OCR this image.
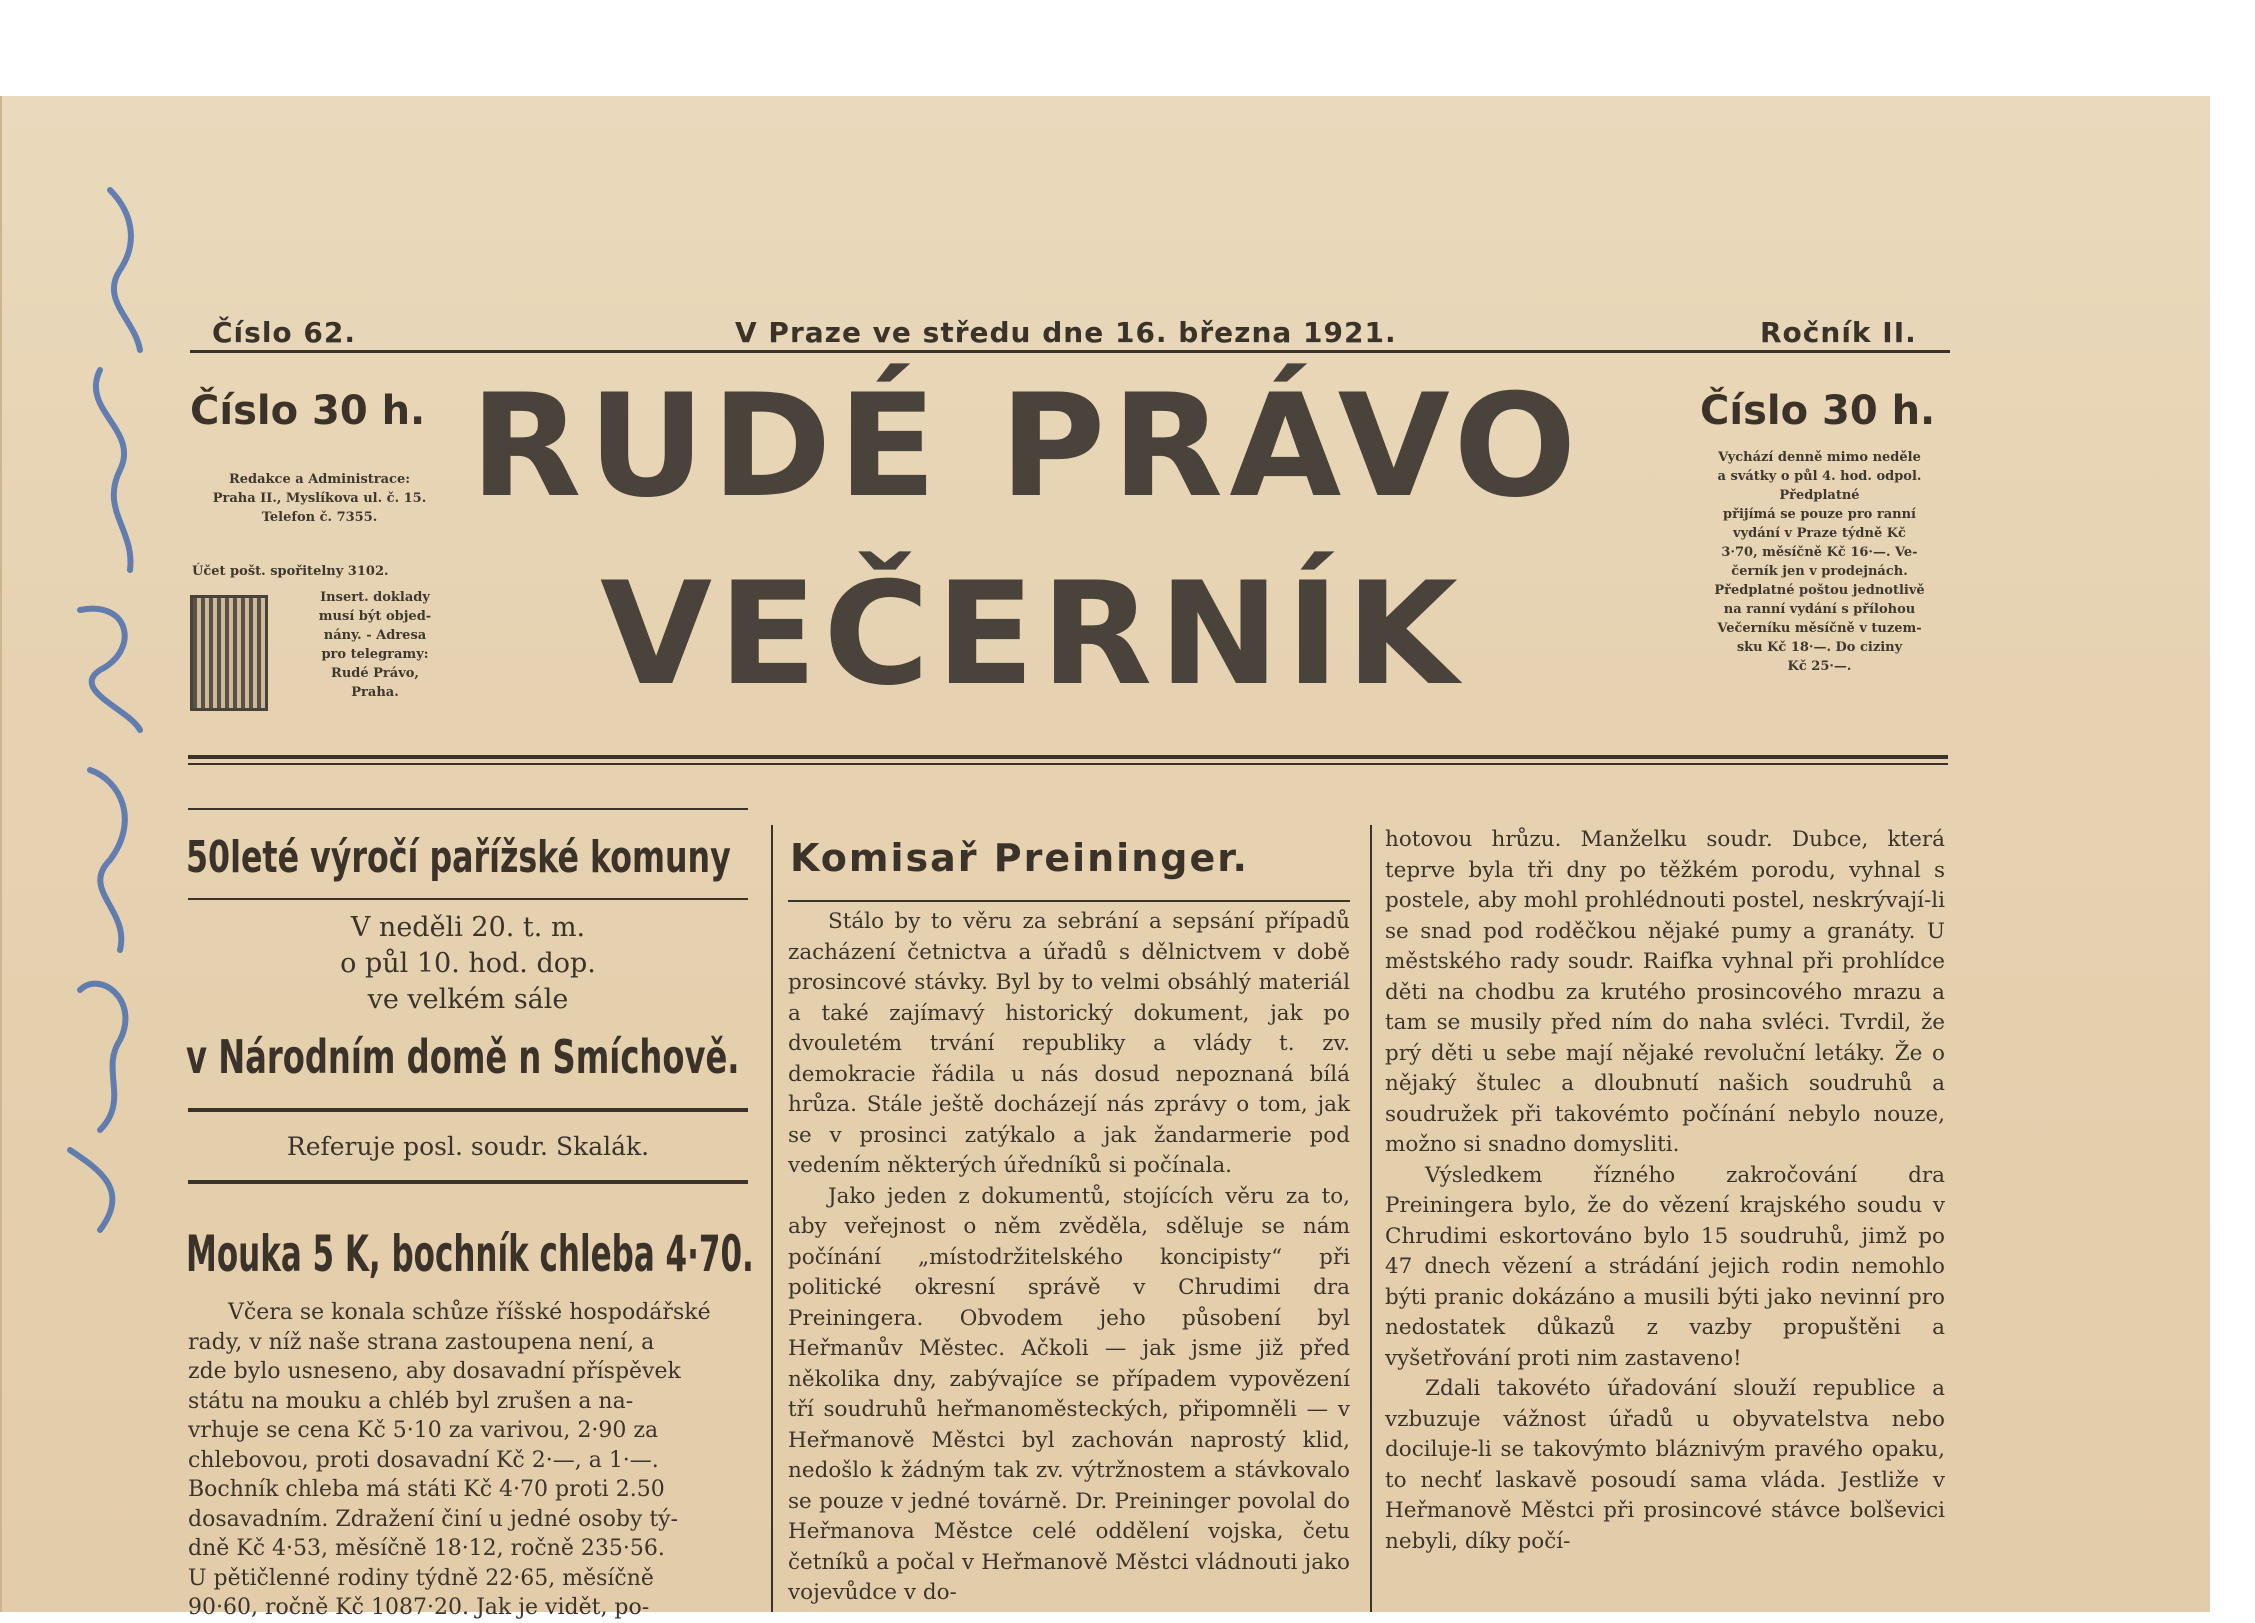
Číslo 62.	V Praze ve středu dne 16. března 1921.	Ročník II.
RUDÉ PRÁVO
VEČERNÍK
Číslo 30 h.
Redakce a Administrace:
Praha II., Myslíkova ul. č. 15.
Telefon č. 7355.
Účet pošt. spořitelny 3102.
Insert. doklady
musí být objed-
nány. - Adresa
pro telegramy:
Rudé Právo,
Praha.
Číslo 30 h.
Vychází denně mimo neděle
a svátky o půl 4. hod. odpol.
Předplatné
přijímá se pouze pro ranní
vydání v Praze týdně Kč
3·70, měsíčně Kč 16·—. Ve-
černík jen v prodejnách.
Předplatné poštou jednotlivě
na ranní vydání s přílohou
Večerníku měsíčně v tuzem-
sku Kč 18·—. Do ciziny
Kč 25·—.
50leté výročí pařížské komuny
V neděli 20. t. m.
o půl 10. hod. dop.
ve velkém sále
v Národním domě n Smíchově.
Referuje posl. soudr. Skalák.
Mouka 5 K, bochník chleba 4·70.
Včera se konala schůze říšské hospodářské
rady, v níž naše strana zastoupena není, a
zde bylo usneseno, aby dosavadní příspěvek
státu na mouku a chléb byl zrušen a na-
vrhuje se cena Kč 5·10 za varivou, 2·90 za
chlebovou, proti dosavadní Kč 2·—, a 1·—.
Bochník chleba má státi Kč 4·70 proti 2.50
dosavadním. Zdražení činí u jedné osoby tý-
dně Kč 4·53, měsíčně 18·12, ročně 235·56.
U pětičlenné rodiny týdně 22·65, měsíčně
90·60, ročně Kč 1087·20. Jak je vidět, po-
Komisař Preininger.

Stálo by to věru za sebrání a sepsání případů zacházení četnictva a úřadů s dělnictvem v době prosincové stávky. Byl by to velmi obsáhlý materiál a také zajímavý historický dokument, jak po dvouletém trvání republiky a vlády t. zv. demokracie řádila u nás dosud nepoznaná bílá hrůza. Stále ještě docházejí nás zprávy o tom, jak se v prosinci zatýkalo a jak žandarmerie pod vedením některých úředníků si počínala.

Jako jeden z dokumentů, stojících věru za to, aby veřejnost o něm zvěděla, sděluje se nám počínání „místodržitelského koncipisty“ při politické okresní správě v Chrudimi dra Preiningera. Obvodem jeho působení byl Heřmanův Městec. Ačkoli — jak jsme již před několika dny, zabývajíce se případem vypovězení tří soudruhů heřmanoměsteckých, připomněli — v Heřmanově Městci byl zachován naprostý klid, nedošlo k žádným tak zv. výtržnostem a stávkovalo se pouze v jedné továrně. Dr. Preininger povolal do Heřmanova Městce celé oddělení vojska, četu četníků a počal v Heřmanově Městci vládnouti jako vojevůdce v do-

hotovou hrůzu. Manželku soudr. Dubce, která teprve byla tři dny po těžkém porodu, vyhnal s postele, aby mohl prohlédnouti postel, neskrývají-li se snad pod roděčkou nějaké pumy a granáty. U městského rady soudr. Raifka vyhnal při prohlídce děti na chodbu za krutého prosincového mrazu a tam se musily před ním do naha svléci. Tvrdil, že prý děti u sebe mají nějaké revoluční letáky. Že o nějaký štulec a dloubnutí našich soudruhů a soudružek při takovémto počínání nebylo nouze, možno si snadno domysliti.

Výsledkem řízného zakročování dra Preiningera bylo, že do vězení krajského soudu v Chrudimi eskortováno bylo 15 soudruhů, jimž po 47 dnech vězení a strádání jejich rodin nemohlo býti pranic dokázáno a musili býti jako nevinní pro nedostatek důkazů z vazby propuštěni a vyšetřování proti nim zastaveno!

Zdali takovéto úřadování slouží republice a vzbuzuje vážnost úřadů u obyvatelstva nebo dociluje-li se takovýmto bláznivým pravého opaku, to nechť laskavě posoudí sama vláda. Jestliže v Heřmanově Městci při prosincové stávce bolševici nebyli, díky počí-
